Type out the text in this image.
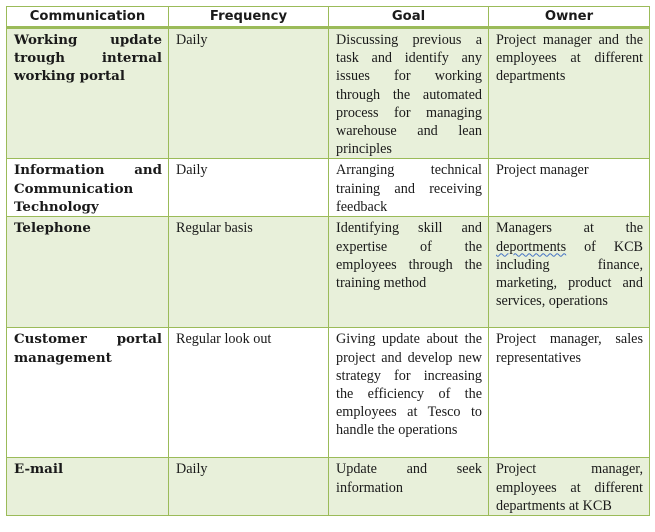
Communication	Frequency	Goal	Owner
Working update trough internal working portal	Daily	Discussing previous a task and identify any issues for working through the automated process for managing warehouse and lean principles	Project manager and the employees at different departments
Information and Communication Technology	Daily	Arranging technical training and receiving feedback	Project manager
Telephone	Regular basis	Identifying skill and expertise of the employees through the training method	Managers at the deportments of KCB including finance, marketing, product and services, operations
Customer portal management	Regular look out	Giving update about the project and develop new strategy for increasing the efficiency of the employees at Tesco to handle the operations	Project manager, sales representatives
E-mail	Daily	Update and seek information	Project manager, employees at different departments at KCB
